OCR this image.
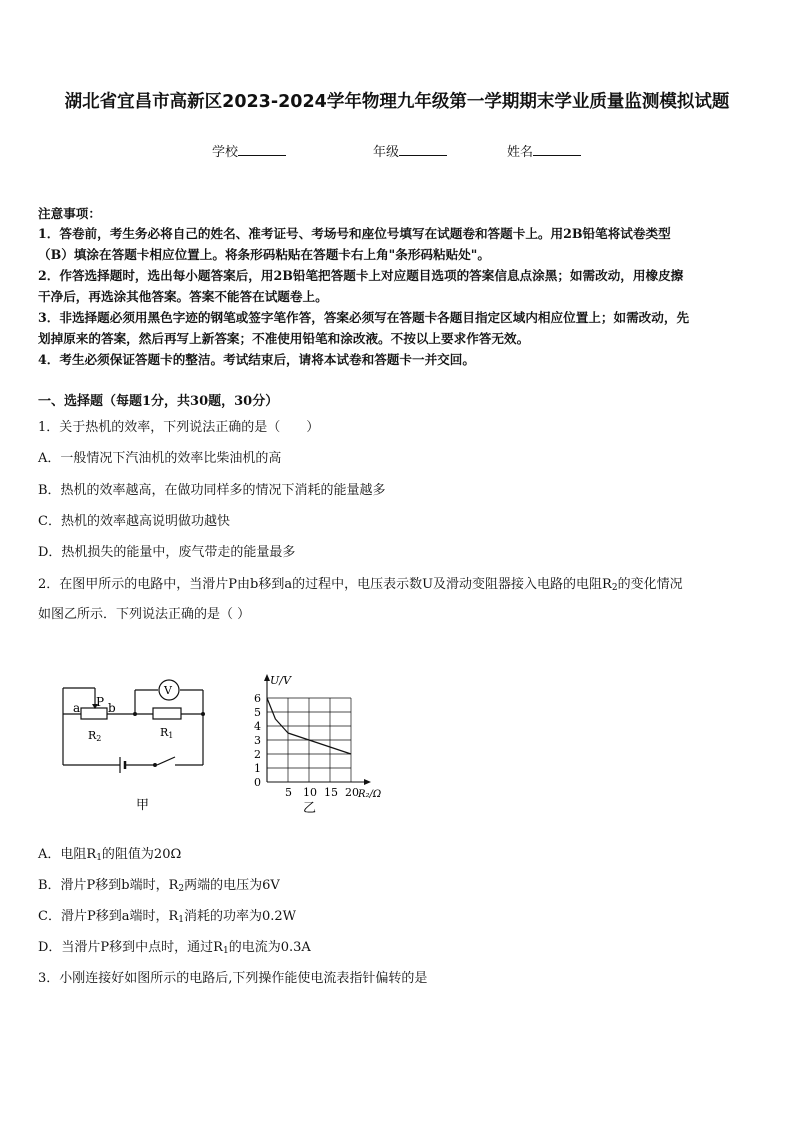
湖北省宜昌市高新区2023-2024学年物理九年级第一学期期末学业质量监测模拟试题
学校	年级	姓名
注意事项：
1．答卷前，考生务必将自己的姓名、准考证号、考场号和座位号填写在试题卷和答题卡上。用2B铅笔将试卷类型
（B）填涂在答题卡相应位置上。将条形码粘贴在答题卡右上角"条形码粘贴处"。
2．作答选择题时，选出每小题答案后，用2B铅笔把答题卡上对应题目选项的答案信息点涂黑；如需改动，用橡皮擦
干净后，再选涂其他答案。答案不能答在试题卷上。
3．非选择题必须用黑色字迹的钢笔或签字笔作答，答案必须写在答题卡各题目指定区域内相应位置上；如需改动，先
划掉原来的答案，然后再写上新答案；不准使用铅笔和涂改液。不按以上要求作答无效。
4．考生必须保证答题卡的整洁。考试结束后，请将本试卷和答题卡一并交回。
一、选择题（每题1分，共30题，30分）
1．关于热机的效率，下列说法正确的是（　　）
A．一般情况下汽油机的效率比柴油机的高
B．热机的效率越高，在做功同样多的情况下消耗的能量越多
C．热机的效率越高说明做功越快
D．热机损失的能量中，废气带走的能量最多
2．在图甲所示的电路中，当滑片P由b移到a的过程中，电压表示数U及滑动变阻器接入电路的电阻$R_2$的变化情况
如图乙所示．下列说法正确的是（ ）
a P b
V
R1
R2
甲
0
1
2
3
4
5
6
5 10 15 20
U/V
R₂/Ω
乙
A．电阻$R_1$的阻值为20Ω
B．滑片P移到b端时，$R_2$两端的电压为6V
C．滑片P移到a端时，$R_1$消耗的功率为0.2W
D．当滑片P移到中点时，通过$R_1$的电流为0.3A
3．小刚连接好如图所示的电路后,下列操作能使电流表指针偏转的是
